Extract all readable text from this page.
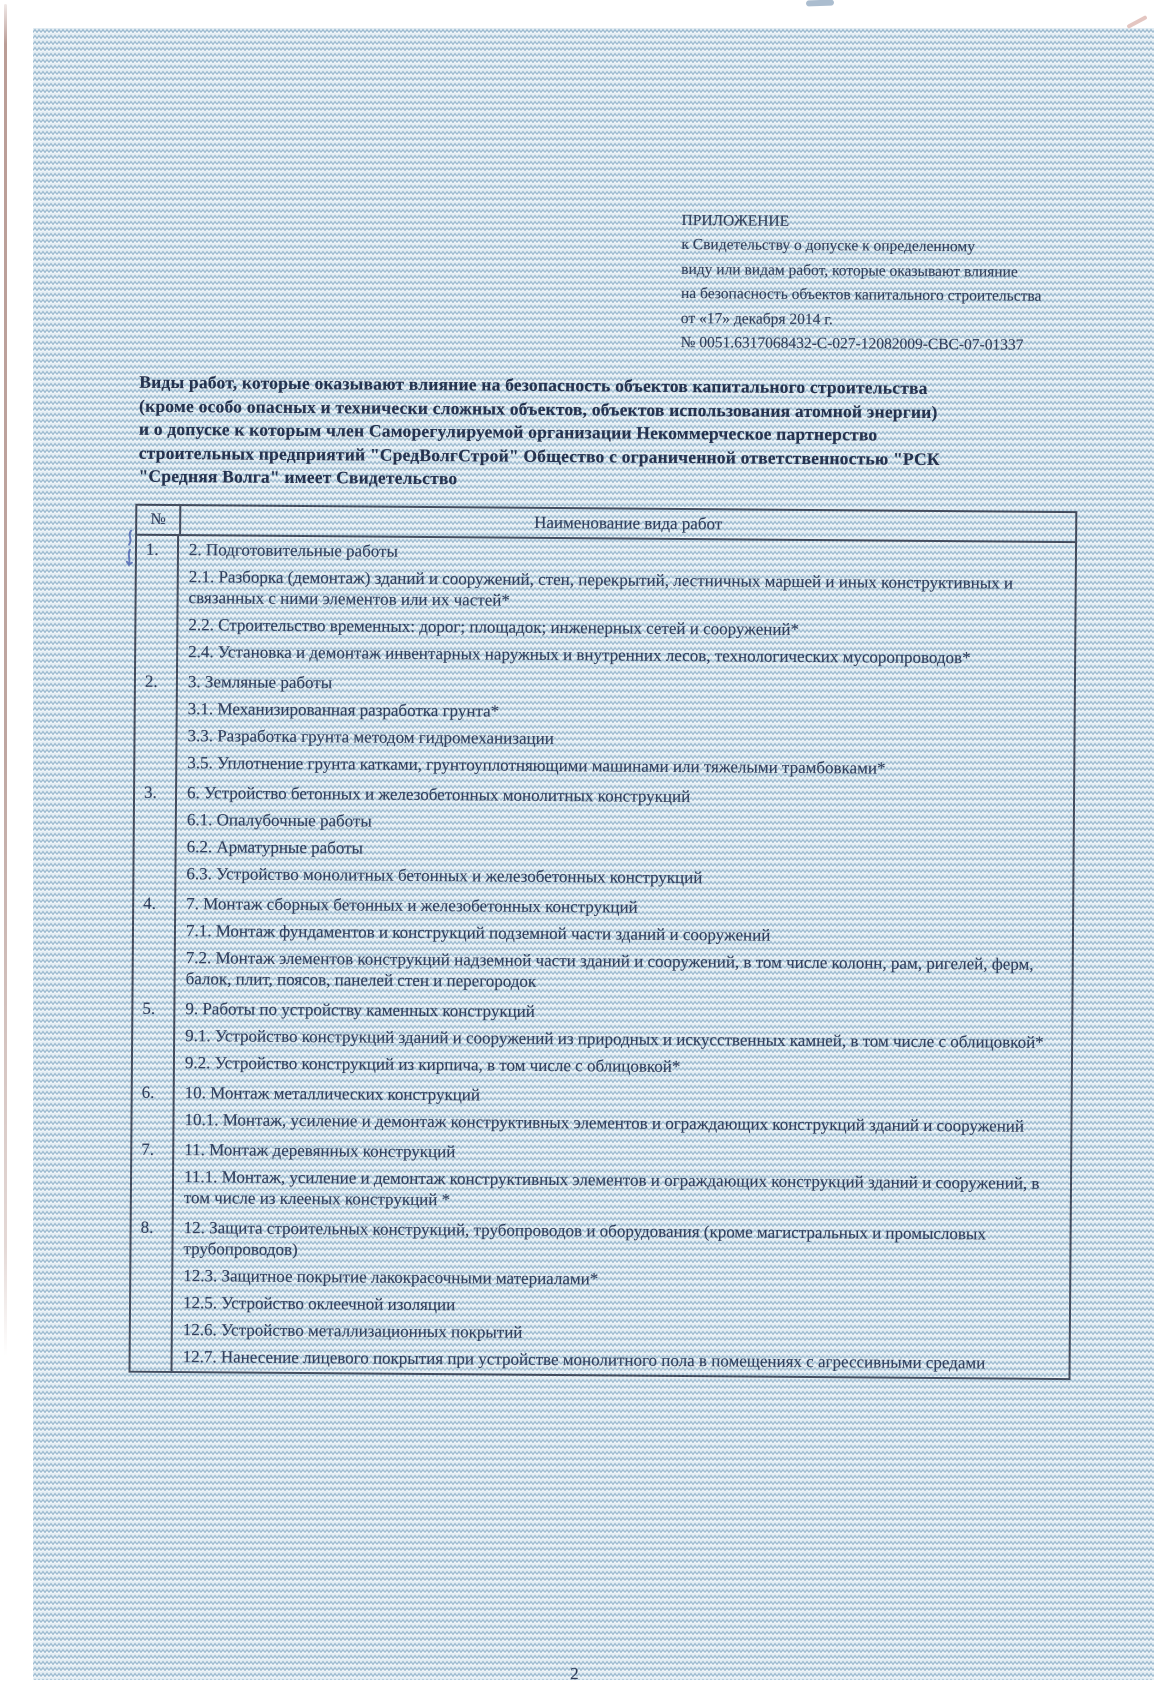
ПРИЛОЖЕНИЕ
к Свидетельству о допуске к определенному
виду или видам работ, которые оказывают влияние
на безопасность объектов капитального строительства
от «17» декабря 2014 г.
№ 0051.6317068432-С-027-12082009-СВС-07-01337
Виды работ, которые оказывают влияние на безопасность объектов капитального строительства
(кроме особо опасных и технически сложных объектов, объектов использования атомной энергии)
и о допуске к которым член Саморегулируемой организации Некоммерческое партнерство
строительных предприятий "СредВолгСтрой" Общество с ограниченной ответственностью "РСК
"Средняя Волга" имеет Свидетельство
№	Наименование вида работ
1.	2. Подготовительные работы

2.1. Разборка (демонтаж) зданий и сооружений, стен, перекрытий, лестничных маршей и иных конструктивных и связанных с ними элементов или их частей*

2.2. Строительство временных: дорог; площадок; инженерных сетей и сооружений*

2.4. Установка и демонтаж инвентарных наружных и внутренних лесов, технологических мусоропроводов*

2.	3. Земляные работы

3.1. Механизированная разработка грунта*

3.3. Разработка грунта методом гидромеханизации

3.5. Уплотнение грунта катками, грунтоуплотняющими машинами или тяжелыми трамбовками*

3.	6. Устройство бетонных и железобетонных монолитных конструкций

6.1. Опалубочные работы

6.2. Арматурные работы

6.3. Устройство монолитных бетонных и железобетонных конструкций

4.	7. Монтаж сборных бетонных и железобетонных конструкций

7.1. Монтаж фундаментов и конструкций подземной части зданий и сооружений

7.2. Монтаж элементов конструкций надземной части зданий и сооружений, в том числе колонн, рам, ригелей, ферм, балок, плит, поясов, панелей стен и перегородок

5.	9. Работы по устройству каменных конструкций

9.1. Устройство конструкций зданий и сооружений из природных и искусственных камней, в том числе с облицовкой*

9.2. Устройство конструкций из кирпича, в том числе с облицовкой*

6.	10. Монтаж металлических конструкций

10.1. Монтаж, усиление и демонтаж конструктивных элементов и ограждающих конструкций зданий и сооружений

7.	11. Монтаж деревянных конструкций

11.1. Монтаж, усиление и демонтаж конструктивных элементов и ограждающих конструкций зданий и сооружений, в том числе из клееных конструкций *

8.	12. Защита строительных конструкций, трубопроводов и оборудования (кроме магистральных и промысловых трубопроводов)

12.3. Защитное покрытие лакокрасочными материалами*

12.5. Устройство оклеечной изоляции

12.6. Устройство металлизационных покрытий

12.7. Нанесение лицевого покрытия при устройстве монолитного пола в помещениях с агрессивными средами

2
